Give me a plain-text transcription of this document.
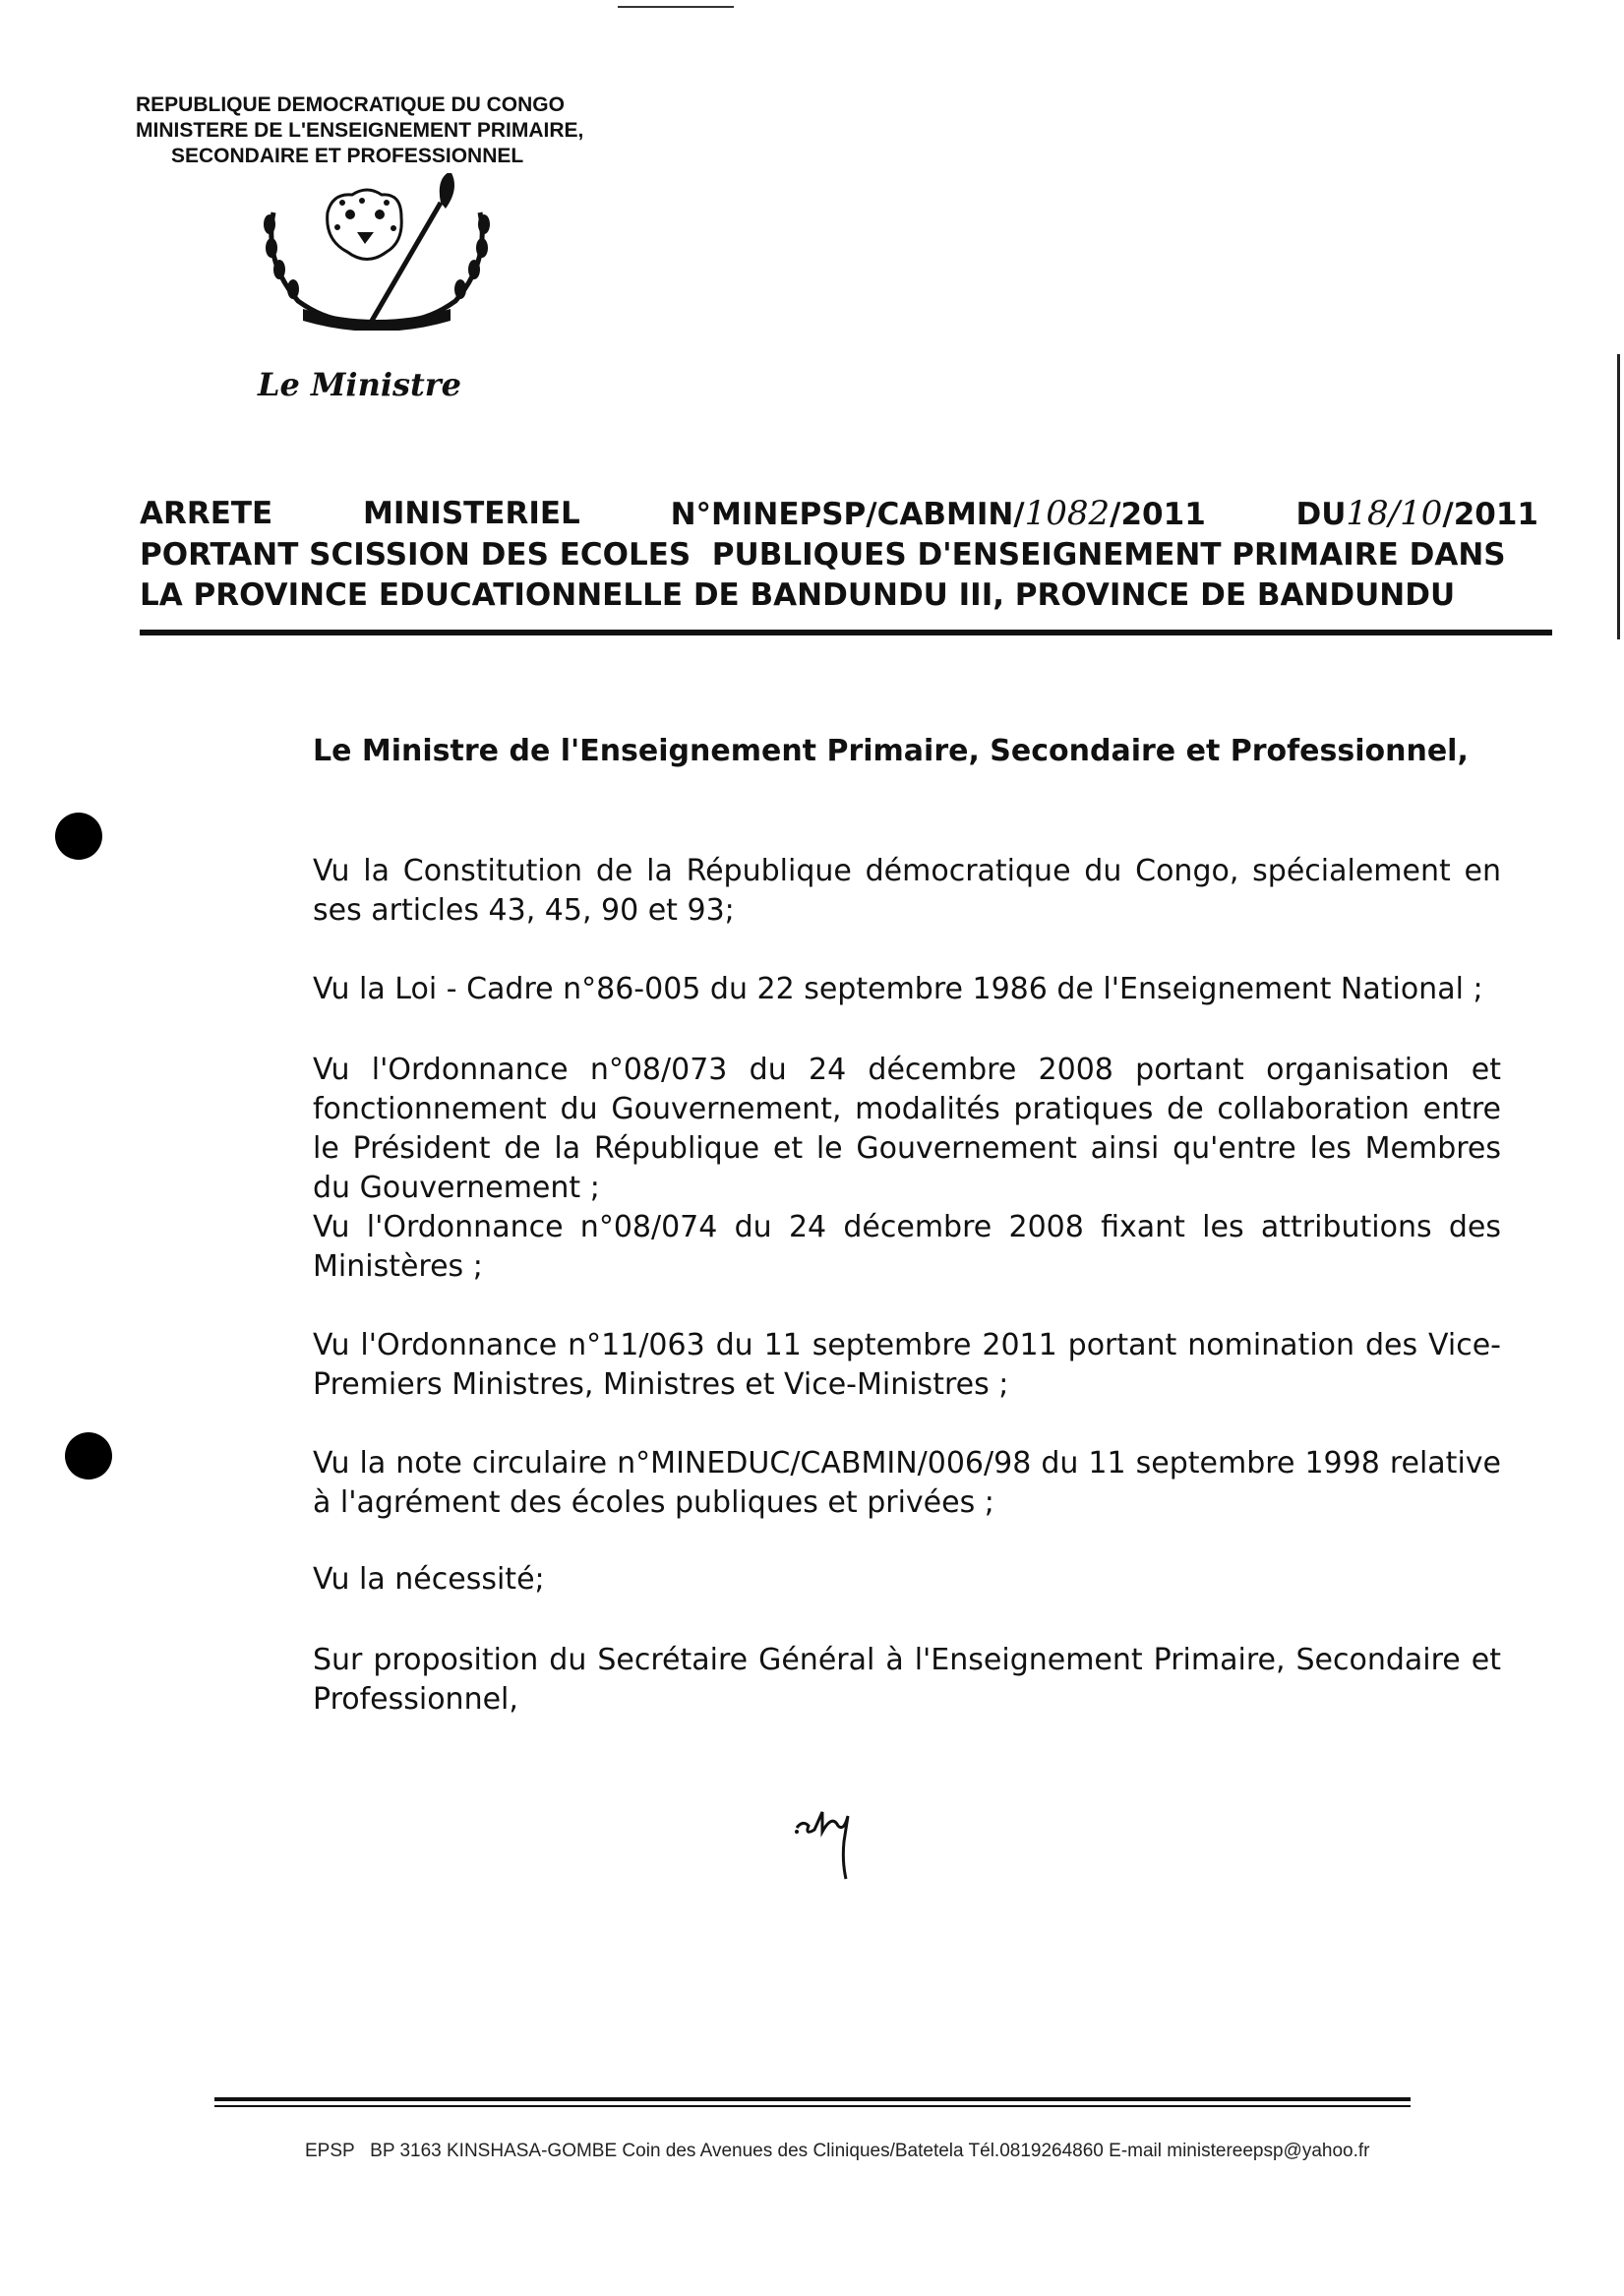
REPUBLIQUE DEMOCRATIQUE DU CONGO
MINISTERE DE L'ENSEIGNEMENT PRIMAIRE,
SECONDAIRE ET PROFESSIONNEL
Le Ministre
ARRETE	MINISTERIEL	N°MINEPSP/CABMIN/1082/2011	DU18/10/2011
PORTANT SCISSION DES ECOLES  PUBLIQUES D'ENSEIGNEMENT PRIMAIRE DANS
LA PROVINCE EDUCATIONNELLE DE BANDUNDU III, PROVINCE DE BANDUNDU
Le Ministre de l'Enseignement Primaire, Secondaire et Professionnel,
Vu la Constitution de la République démocratique du Congo, spécialement en ses articles 43, 45, 90 et 93;
Vu la Loi - Cadre n°86-005 du 22 septembre 1986 de l'Enseignement National ;
Vu l'Ordonnance n°08/073 du 24 décembre 2008 portant organisation et fonctionnement du Gouvernement, modalités pratiques de collaboration entre le Président de la République et le Gouvernement ainsi qu'entre les Membres du Gouvernement ;
Vu l'Ordonnance n°08/074 du 24 décembre 2008 fixant les attributions des Ministères ;
Vu l'Ordonnance n°11/063 du 11 septembre 2011 portant nomination des Vice-Premiers Ministres, Ministres et Vice-Ministres ;
Vu la note circulaire n°MINEDUC/CABMIN/006/98 du 11 septembre 1998 relative à l'agrément des écoles publiques et privées ;
Vu la nécessité;
Sur proposition du Secrétaire Général à l'Enseignement Primaire, Secondaire et Professionnel,
EPSP   BP 3163 KINSHASA-GOMBE Coin des Avenues des Cliniques/Batetela Tél.0819264860 E-mail ministereepsp@yahoo.fr
